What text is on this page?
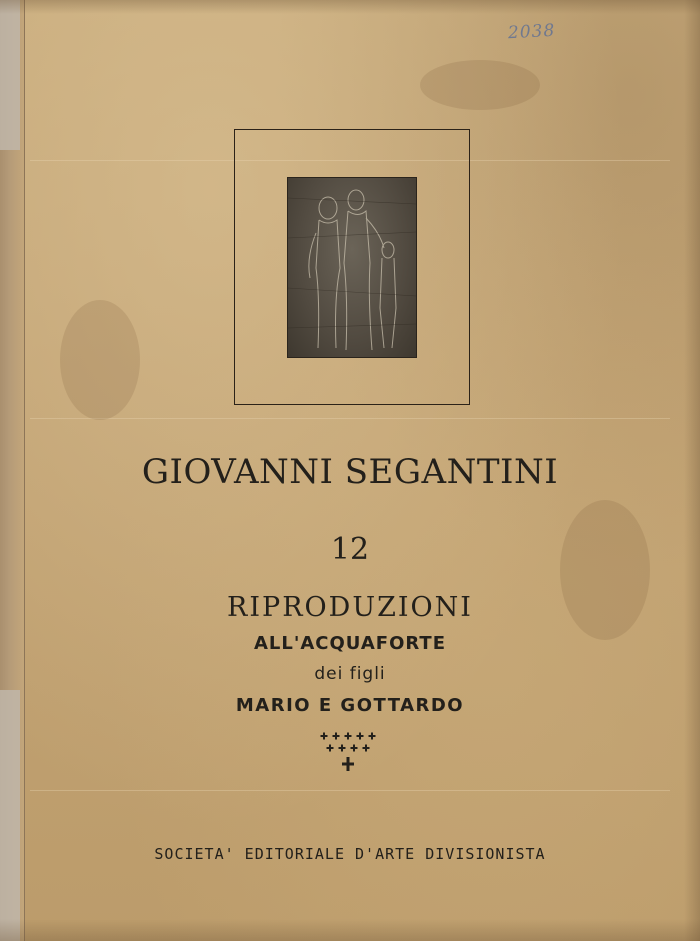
2038
GIOVANNI SEGANTINI
12
RIPRODUZIONI
ALL'ACQUAFORTE
dei figli
MARIO E GOTTARDO
SOCIETA' EDITORIALE D'ARTE DIVISIONISTA
